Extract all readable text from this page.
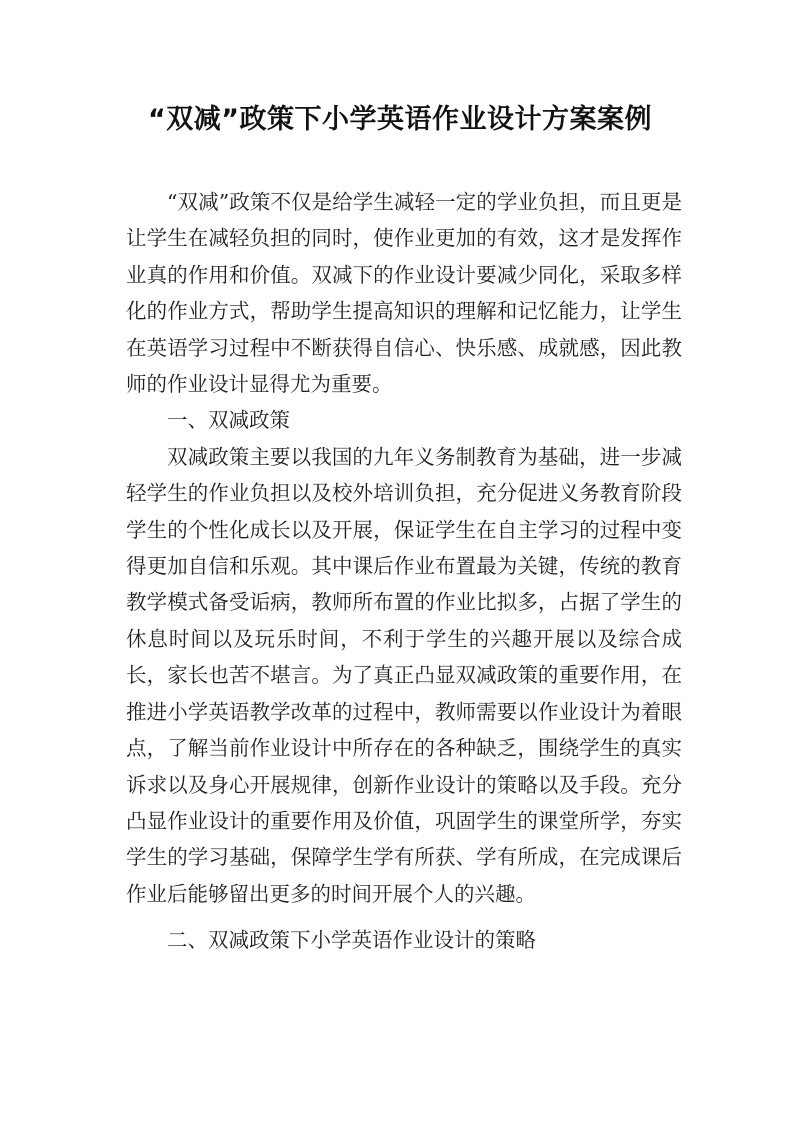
“双减”政策下小学英语作业设计方案案例

“双减”政策不仅是给学生减轻一定的学业负担，而且更是让学生在减轻负担的同时，使作业更加的有效，这才是发挥作业真的作用和价值。双减下的作业设计要减少同化，采取多样化的作业方式，帮助学生提高知识的理解和记忆能力，让学生在英语学习过程中不断获得自信心、快乐感、成就感，因此教师的作业设计显得尤为重要。

一、双减政策

双减政策主要以我国的九年义务制教育为基础，进一步减轻学生的作业负担以及校外培训负担，充分促进义务教育阶段学生的个性化成长以及开展，保证学生在自主学习的过程中变得更加自信和乐观。其中课后作业布置最为关键，传统的教育教学模式备受诟病，教师所布置的作业比拟多，占据了学生的休息时间以及玩乐时间，不利于学生的兴趣开展以及综合成长，家长也苦不堪言。为了真正凸显双减政策的重要作用，在推进小学英语教学改革的过程中，教师需要以作业设计为着眼点，了解当前作业设计中所存在的各种缺乏，围绕学生的真实诉求以及身心开展规律，创新作业设计的策略以及手段。充分凸显作业设计的重要作用及价值，巩固学生的课堂所学，夯实学生的学习基础，保障学生学有所获、学有所成，在完成课后作业后能够留出更多的时间开展个人的兴趣。

二、双减政策下小学英语作业设计的策略
